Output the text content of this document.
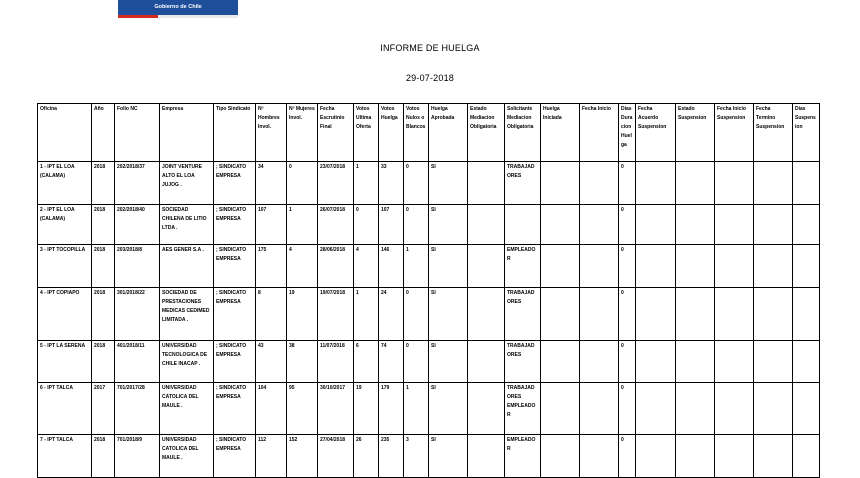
Gobierno de Chile
INFORME DE HUELGA
29-07-2018
Oficina	Año	Folio NC	Empresa	Tipo Sindicato	Nº Hombres Invol.	Nº Mujeres Invol.	Fecha Escrutinio Final	Votos Ultima Oferta	Votos Huelga	Votos Nulos o Blancos	Huelga Aprobada	Estado Mediacion Obligatoria	Solicitante Mediacion Obligatoria	Huelga Iniciada	Fecha Inicio	Días Duracion Huelga	Fecha Acuerdo Suspension	Estado Suspension	Fecha Inicio Suspension	Fecha Termino Suspension	Días Suspension
1 - IPT EL LOA (CALAMA)	2018	202/2018/37	JOINT VENTURE ALTO EL LOA JUJOG .	; SINDICATO EMPRESA	34	0	23/07/2018	1	33	0	SI		TRABAJADORES			0					
2 - IPT EL LOA (CALAMA)	2018	202/2018/40	SOCIEDAD CHILENA DE LITIO LTDA .	; SINDICATO EMPRESA	107	1	26/07/2018	0	107	0	SI					0					
3 - IPT TOCOPILLA	2018	203/2018/8	AES GENER S.A .	; SINDICATO EMPRESA	175	4	28/06/2018	4	146	1	SI		EMPLEADOR			0					
4 - IPT COPIAPO	2018	301/2018/22	SOCIEDAD DE PRESTACIONES MEDICAS CEDIMED LIMITADA .	; SINDICATO EMPRESA	8	19	19/07/2018	1	24	0	SI		TRABAJADORES			0					
5 - IPT LA SERENA	2018	401/2018/11	UNIVERSIDAD TECNOLOGICA DE CHILE INACAP .	; SINDICATO EMPRESA	43	38	11/07/2018	6	74	0	SI		TRABAJADORES			0					
6 - IPT TALCA	2017	701/2017/28	UNIVERSIDAD CATOLICA DEL MAULE .	; SINDICATO EMPRESA	104	95	30/10/2017	19	179	1	SI		TRABAJADORES EMPLEADOR			0					
7 - IPT TALCA	2018	701/2018/9	UNIVERSIDAD CATOLICA DEL MAULE .	; SINDICATO EMPRESA	112	152	27/04/2018	26	235	3	SI		EMPLEADOR			0					
